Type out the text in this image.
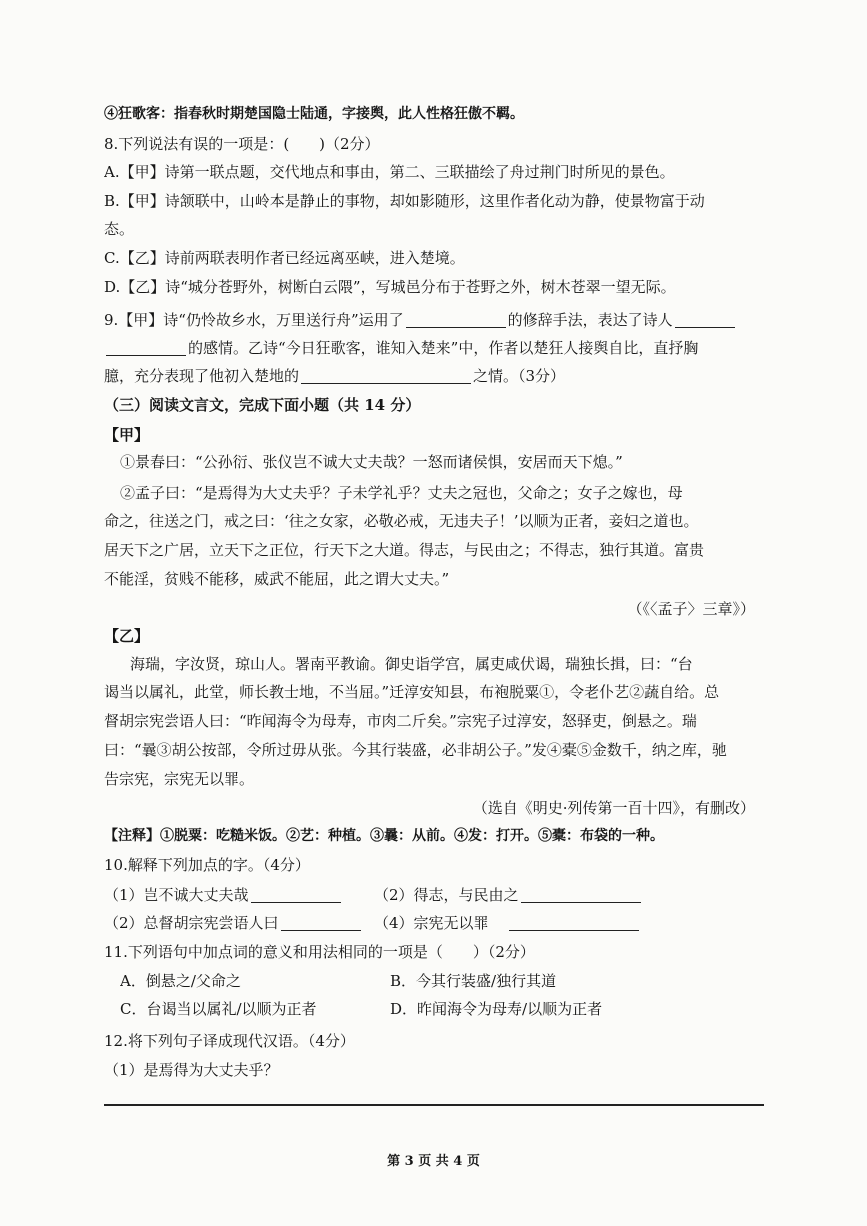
④狂歌客：指春秋时期楚国隐士陆通，字接舆，此人性格狂傲不羁。
8.下列说法有误的一项是：(　　)（2分）
A.【甲】诗第一联点题，交代地点和事由，第二、三联描绘了舟过荆门时所见的景色。
B.【甲】诗颔联中，山岭本是静止的事物，却如影随形，这里作者化动为静，使景物富于动
态。
C.【乙】诗前两联表明作者已经远离巫峡，进入楚境。
D.【乙】诗“城分苍野外，树断白云隈”，写城邑分布于苍野之外，树木苍翠一望无际。
9.【甲】诗“仍怜故乡水，万里送行舟”运用了	的修辞手法，表达了诗人
的感情。乙诗“今日狂歌客，谁知入楚来”中，作者以楚狂人接舆自比，直抒胸
臆，充分表现了他初入楚地的	之情。（3分）
（三）阅读文言文，完成下面小题（共 14 分）
【甲】
①景春曰：“公孙衍、张仪岂不诚大丈夫哉？一怒而诸侯惧，安居而天下熄。”
②孟子曰：“是焉得为大丈夫乎？子未学礼乎？丈夫之冠也，父命之；女子之嫁也，母
命之，往送之门，戒之曰：‘往之女家，必敬必戒，无违夫子！’以顺为正者，妾妇之道也。
居天下之广居，立天下之正位，行天下之大道。得志，与民由之；不得志，独行其道。富贵
不能淫，贫贱不能移，威武不能屈，此之谓大丈夫。”
（《〈孟子〉三章》）
【乙】
海瑞，字汝贤，琼山人。署南平教谕。御史诣学宫，属吏咸伏谒，瑞独长揖，曰：“台
谒当以属礼，此堂，师长教士地，不当屈。”迁淳安知县，布袍脱粟①，令老仆艺②蔬自给。总
督胡宗宪尝语人曰：“昨闻海令为母寿，市肉二斤矣。”宗宪子过淳安，怒驿吏，倒悬之。瑞
曰：“曩③胡公按部，令所过毋从张。今其行装盛，必非胡公子。”发④橐⑤金数千，纳之库，驰
告宗宪，宗宪无以罪。
（选自《明史·列传第一百十四》，有删改）
【注释】①脱粟：吃糙米饭。②艺：种植。③曩：从前。④发：打开。⑤橐：布袋的一种。
10.解释下列加点的字。（4分）
（1）岂不诚大丈夫哉	（2）得志，与民由之
（2）总督胡宗宪尝语人曰	（4）宗宪无以罪
11.下列语句中加点词的意义和用法相同的一项是（　　）（2分）
A．倒悬之/父命之	B．今其行装盛/独行其道
C．台谒当以属礼/以顺为正者	D．昨闻海令为母寿/以顺为正者
12.将下列句子译成现代汉语。（4分）
（1）是焉得为大丈夫乎？
第 3 页 共 4 页
